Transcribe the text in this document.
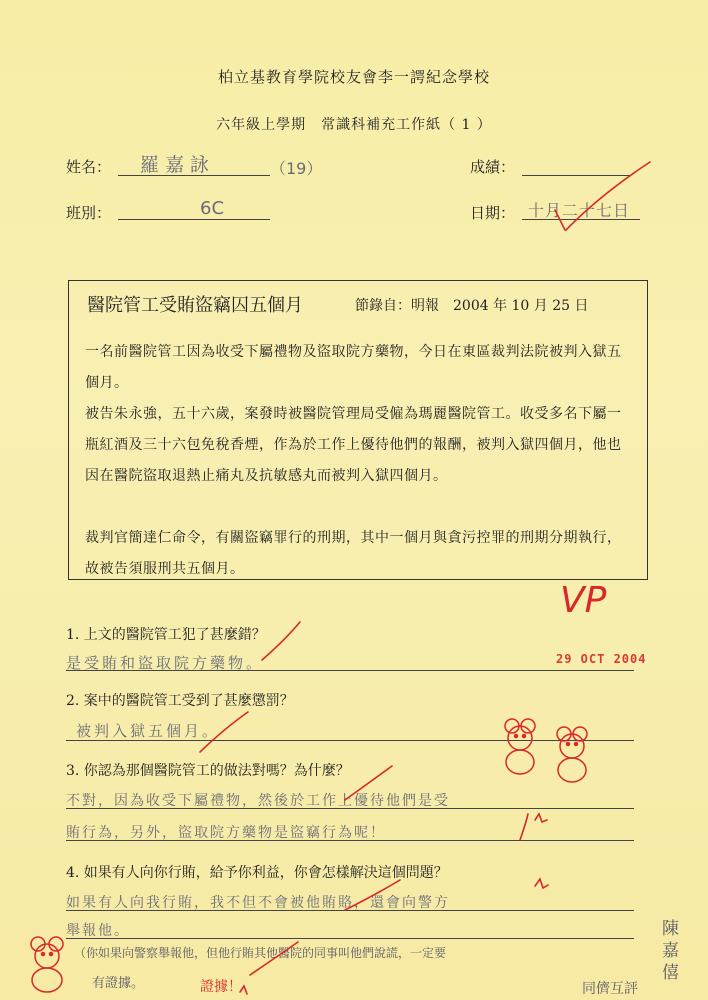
柏立基教育學院校友會李一諤紀念學校
六年級上學期　常識科補充工作紙（ 1 ）
姓名： 羅嘉詠	（19）	成績：
班別：	6C	日期： 十月二十七日
醫院管工受賄盜竊囚五個月	節錄自：明報　2004 年 10 月 25 日
一名前醫院管工因為收受下屬禮物及盜取院方藥物，今日在東區裁判法院被判入獄五個月。
被告朱永強，五十六歲，案發時被醫院管理局受僱為瑪麗醫院管工。收受多名下屬一瓶紅酒及三十六包免稅香煙，作為於工作上優待他們的報酬，被判入獄四個月，他也因在醫院盜取退熱止痛丸及抗敏感丸而被判入獄四個月。
裁判官簡達仁命令，有關盜竊罪行的刑期，其中一個月與貪污控罪的刑期分期執行，故被告須服刑共五個月。
VP
1. 上文的醫院管工犯了甚麼錯？
是受賄和盜取院方藥物。	29 OCT 2004
2. 案中的醫院管工受到了甚麼懲罰？
被判入獄五個月。
3. 你認為那個醫院管工的做法對嗎？為什麼？
不對，因為收受下屬禮物，然後於工作上優待他們是受
賄行為，另外，盜取院方藥物是盜竊行為呢！
4. 如果有人向你行賄，給予你利益，你會怎樣解決這個問題？
如果有人向我行賄，我不但不會被他賄賂，還會向警方
舉報他。
（你如果向警察舉報他，但他行賄其他醫院的同事叫他們說謊，一定要
有證據。	證據！	同儕互評
陳嘉僖
